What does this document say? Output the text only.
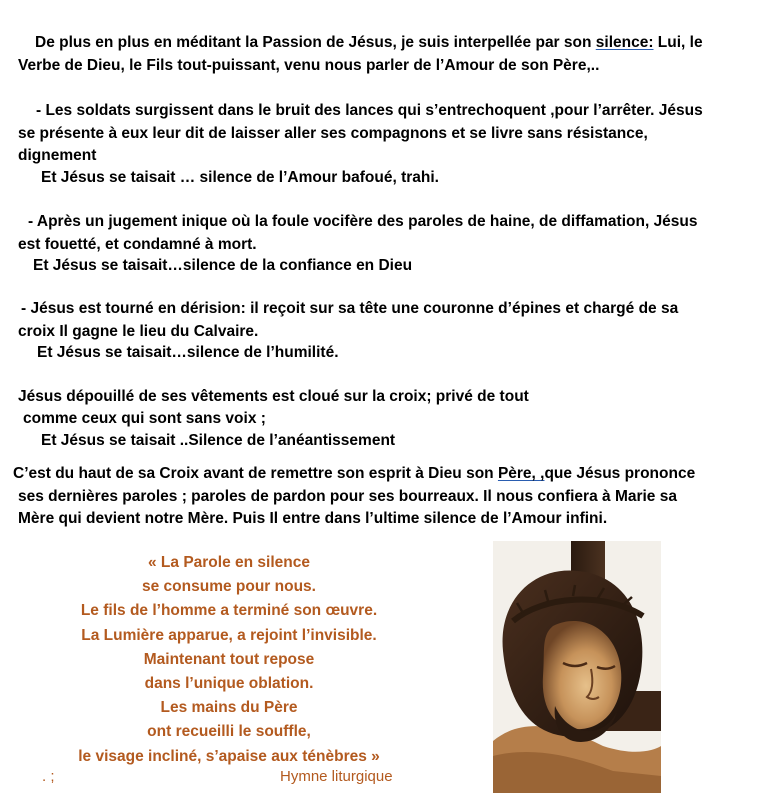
De plus en plus en méditant la Passion de Jésus, je suis interpellée par son silence: Lui, le
Verbe de Dieu, le Fils tout-puissant, venu nous parler de l’Amour de son Père,..
- Les soldats surgissent dans le bruit des lances qui s’entrechoquent ,pour l’arrêter. Jésus
se présente à eux leur dit de laisser aller ses compagnons et se livre sans résistance,
dignement
Et Jésus se taisait … silence de l’Amour bafoué, trahi.
- Après un jugement inique où la foule vocifère des paroles de haine, de diffamation, Jésus
est fouetté, et condamné à mort.
Et Jésus se taisait…silence de la confiance en Dieu
- Jésus est tourné en dérision: il reçoit sur sa tête une couronne d’épines et chargé de sa
croix Il gagne le lieu du Calvaire.
Et Jésus se taisait…silence de l’humilité.
Jésus dépouillé de ses vêtements est cloué sur la croix; privé de tout
comme ceux qui sont sans voix ;
Et Jésus se taisait ..Silence de l’anéantissement
C’est du haut de sa Croix avant de remettre son esprit à Dieu son Père, ,que Jésus prononce
ses dernières paroles ; paroles de pardon pour ses bourreaux. Il nous confiera à Marie sa
Mère qui devient notre Mère. Puis Il entre dans l’ultime silence de l’Amour infini.
« La Parole en silence
se consume pour nous.
Le fils de l’homme a terminé son œuvre.
La Lumière apparue, a rejoint l’invisible.
Maintenant tout repose
dans l’unique oblation.
Les mains du Père
ont recueilli le souffle,
le visage incliné, s’apaise aux ténèbres »
. ;	Hymne liturgique
